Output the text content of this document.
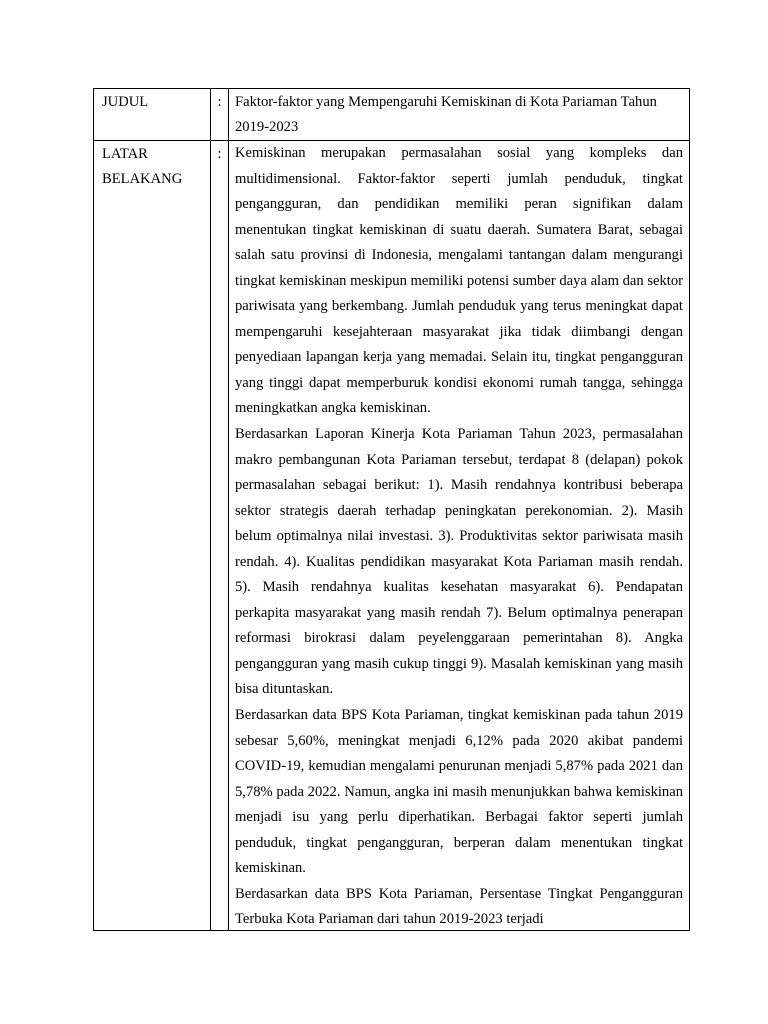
JUDUL	:	Faktor-faktor yang Mempengaruhi Kemiskinan di Kota Pariaman Tahun 2019-2023

LATAR BELAKANG	:	Kemiskinan merupakan permasalahan sosial yang kompleks dan multidimensional. Faktor-faktor seperti jumlah penduduk, tingkat pengangguran, dan pendidikan memiliki peran signifikan dalam menentukan tingkat kemiskinan di suatu daerah. Sumatera Barat, sebagai salah satu provinsi di Indonesia, mengalami tantangan dalam mengurangi tingkat kemiskinan meskipun memiliki potensi sumber daya alam dan sektor pariwisata yang berkembang. Jumlah penduduk yang terus meningkat dapat mempengaruhi kesejahteraan masyarakat jika tidak diimbangi dengan penyediaan lapangan kerja yang memadai. Selain itu, tingkat pengangguran yang tinggi dapat memperburuk kondisi ekonomi rumah tangga, sehingga meningkatkan angka kemiskinan.

Berdasarkan Laporan Kinerja Kota Pariaman Tahun 2023, permasalahan makro pembangunan Kota Pariaman tersebut, terdapat 8 (delapan) pokok permasalahan sebagai berikut: 1). Masih rendahnya kontribusi beberapa sektor strategis daerah terhadap peningkatan perekonomian. 2). Masih belum optimalnya nilai investasi. 3). Produktivitas sektor pariwisata masih rendah. 4). Kualitas pendidikan masyarakat Kota Pariaman masih rendah. 5). Masih rendahnya kualitas kesehatan masyarakat 6). Pendapatan perkapita masyarakat yang masih rendah 7). Belum optimalnya penerapan reformasi birokrasi dalam peyelenggaraan pemerintahan 8). Angka pengangguran yang masih cukup tinggi 9). Masalah kemiskinan yang masih bisa dituntaskan.

Berdasarkan data BPS Kota Pariaman, tingkat kemiskinan pada tahun 2019 sebesar 5,60%, meningkat menjadi 6,12% pada 2020 akibat pandemi COVID-19, kemudian mengalami penurunan menjadi 5,87% pada 2021 dan 5,78% pada 2022. Namun, angka ini masih menunjukkan bahwa kemiskinan menjadi isu yang perlu diperhatikan. Berbagai faktor seperti jumlah penduduk, tingkat pengangguran, berperan dalam menentukan tingkat kemiskinan.

Berdasarkan data BPS Kota Pariaman, Persentase Tingkat Pengangguran Terbuka Kota Pariaman dari tahun 2019-2023 terjadi
